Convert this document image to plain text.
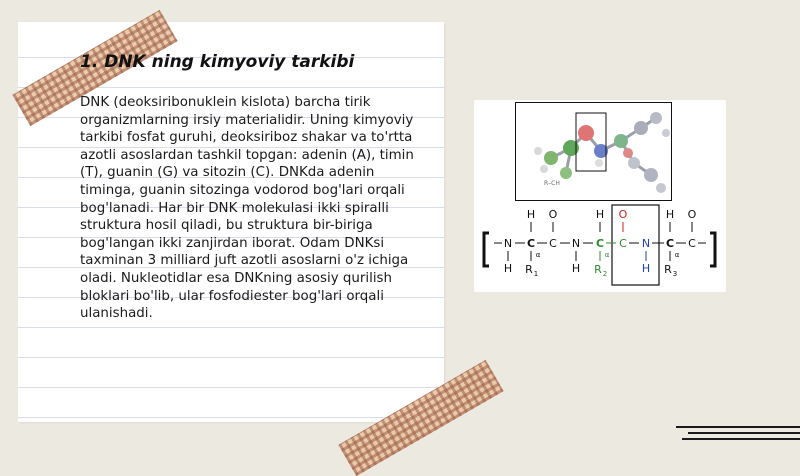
1. DNK ning kimyoviy tarkibi

DNK (deoksiribonuklein kislota) barcha tirik organizmlarning irsiy materialidir. Uning kimyoviy tarkibi fosfat guruhi, deoksiriboz shakar va to'rtta azotli asoslardan tashkil topgan: adenin (A), timin (T), guanin (G) va sitozin (C). DNKda adenin timinga, guanin sitozinga vodorod bog'lari orqali bog'lanadi. Har bir DNK molekulasi ikki spiralli struktura hosil qiladi, bu struktura bir-biriga bog'langan ikki zanjirdan iborat. Odam DNKsi taxminan 3 milliard juft azotli asoslarni o'z ichiga oladi. Nukleotidlar esa DNKning asosiy qurilish bloklari bo'lib, ular fosfodiester bog'lari orqali ulanishadi.

R–CH
H O	H O	H O
N C C N C C N C C
α	α	α
H	H	H
R 1	R 2	R 3
